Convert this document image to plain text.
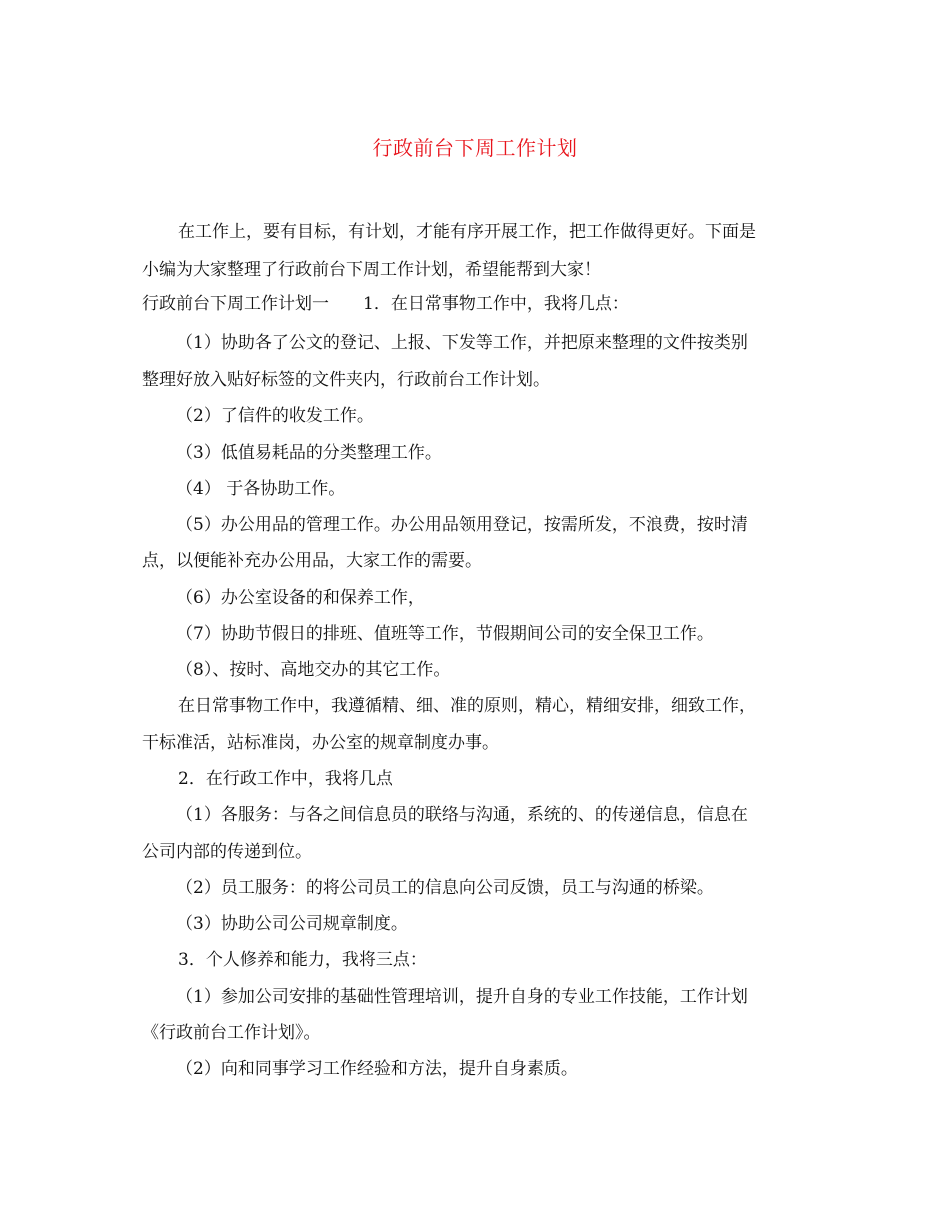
行政前台下周工作计划
在工作上，要有目标，有计划，才能有序开展工作，把工作做得更好。下面是
小编为大家整理了行政前台下周工作计划，希望能帮到大家！
行政前台下周工作计划一 1．在日常事物工作中，我将几点：
（1）协助各了公文的登记、上报、下发等工作，并把原来整理的文件按类别
整理好放入贴好标签的文件夹内，行政前台工作计划。
（2）了信件的收发工作。
（3）低值易耗品的分类整理工作。
（4） 于各协助工作。
（5）办公用品的管理工作。办公用品领用登记，按需所发，不浪费，按时清
点，以便能补充办公用品，大家工作的需要。
（6）办公室设备的和保养工作，
（7）协助节假日的排班、值班等工作，节假期间公司的安全保卫工作。
（8）、按时、高地交办的其它工作。
在日常事物工作中，我遵循精、细、准的原则，精心，精细安排，细致工作，
干标准活，站标准岗，办公室的规章制度办事。
2．在行政工作中，我将几点
（1）各服务：与各之间信息员的联络与沟通，系统的、的传递信息，信息在
公司内部的传递到位。
（2）员工服务：的将公司员工的信息向公司反馈，员工与沟通的桥梁。
（3）协助公司公司规章制度。
3．个人修养和能力，我将三点：
（1）参加公司安排的基础性管理培训，提升自身的专业工作技能，工作计划
《行政前台工作计划》。
（2）向和同事学习工作经验和方法，提升自身素质。
